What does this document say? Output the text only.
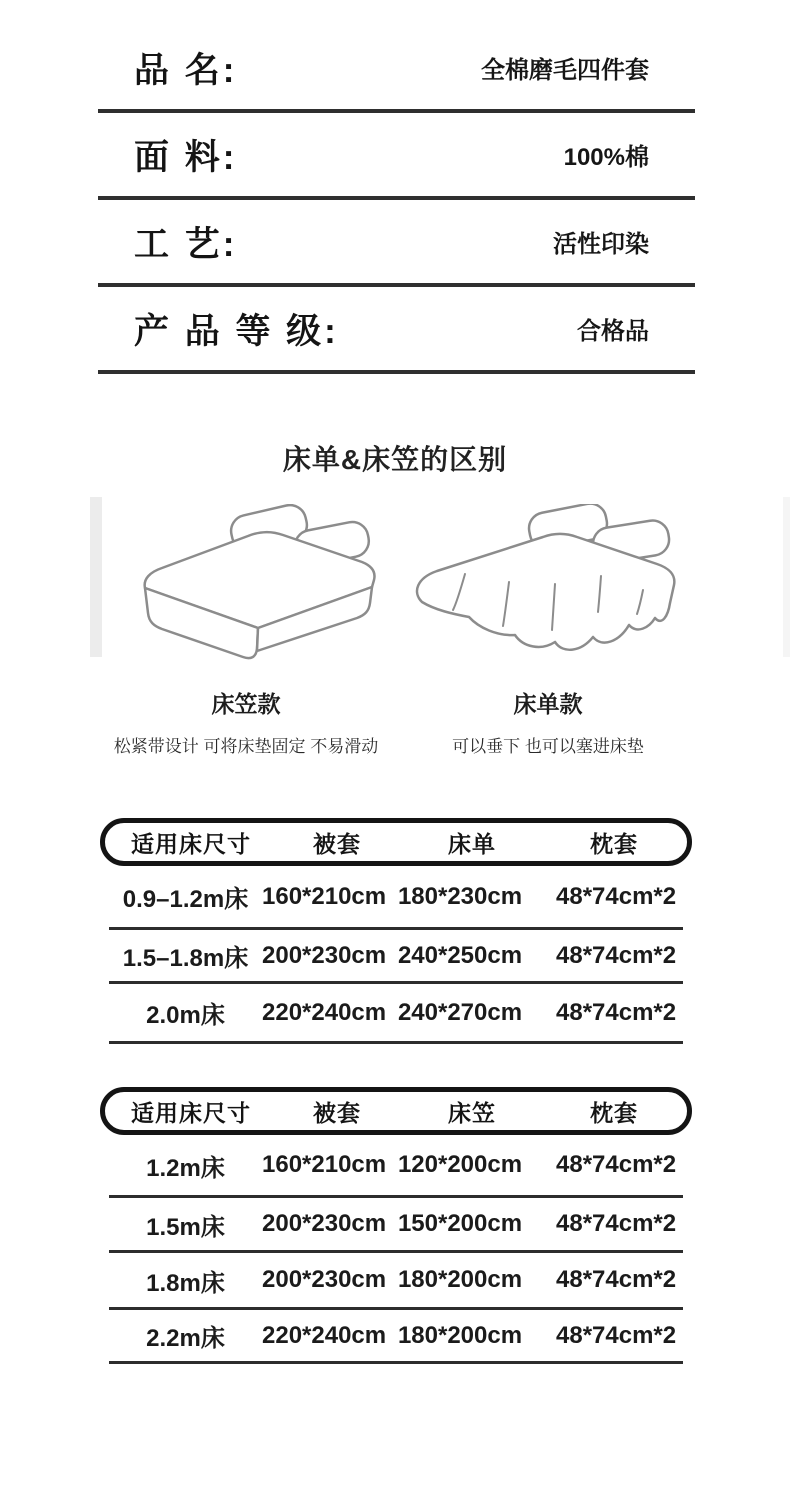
品 名:	全棉磨毛四件套
面 料:	100%棉
工 艺:	活性印染
产 品 等 级:	合格品
床单&床笠的区别
床笠款
松紧带设计 可将床垫固定 不易滑动
床单款
可以垂下 也可以塞进床垫
适用床尺寸	被套	床单	枕套
0.9–1.2m床 160*210cm 180*230cm	48*74cm*2
1.5–1.8m床 200*230cm 240*250cm	48*74cm*2
2.0m床	220*240cm 240*270cm	48*74cm*2
适用床尺寸	被套	床笠	枕套
1.2m床	160*210cm 120*200cm	48*74cm*2
1.5m床	200*230cm 150*200cm	48*74cm*2
1.8m床	200*230cm 180*200cm	48*74cm*2
2.2m床	220*240cm 180*200cm	48*74cm*2
